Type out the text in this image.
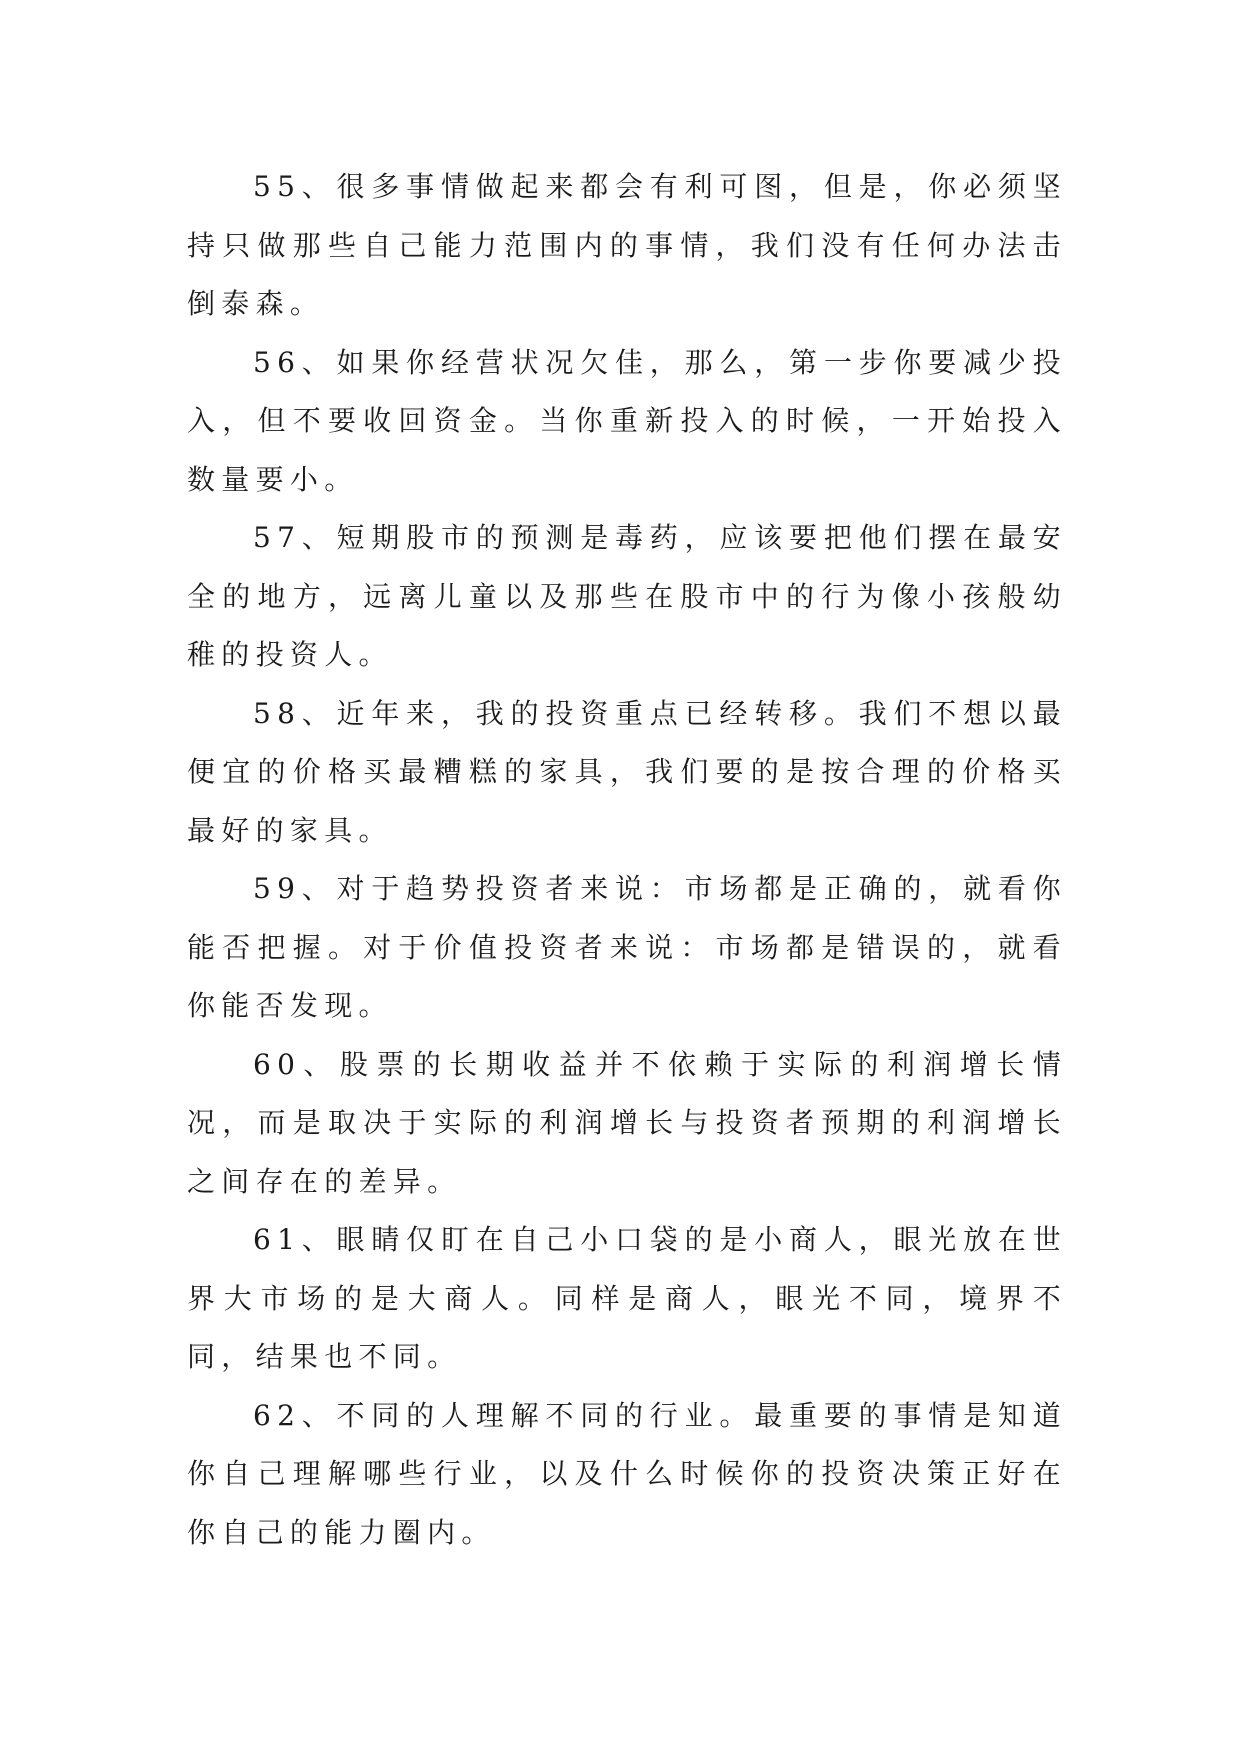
55、很多事情做起来都会有利可图，但是，你必须坚持只做那些自己能力范围内的事情，我们没有任何办法击倒泰森。

56、如果你经营状况欠佳，那么，第一步你要减少投入，但不要收回资金。当你重新投入的时候，一开始投入数量要小。

57、短期股市的预测是毒药，应该要把他们摆在最安全的地方，远离儿童以及那些在股市中的行为像小孩般幼稚的投资人。

58、近年来，我的投资重点已经转移。我们不想以最便宜的价格买最糟糕的家具，我们要的是按合理的价格买最好的家具。

59、对于趋势投资者来说：市场都是正确的，就看你能否把握。对于价值投资者来说：市场都是错误的，就看你能否发现。

60、股票的长期收益并不依赖于实际的利润增长情况，而是取决于实际的利润增长与投资者预期的利润增长之间存在的差异。

61、眼睛仅盯在自己小口袋的是小商人，眼光放在世界大市场的是大商人。同样是商人，眼光不同，境界不同，结果也不同。

62、不同的人理解不同的行业。最重要的事情是知道你自己理解哪些行业，以及什么时候你的投资决策正好在你自己的能力圈内。
